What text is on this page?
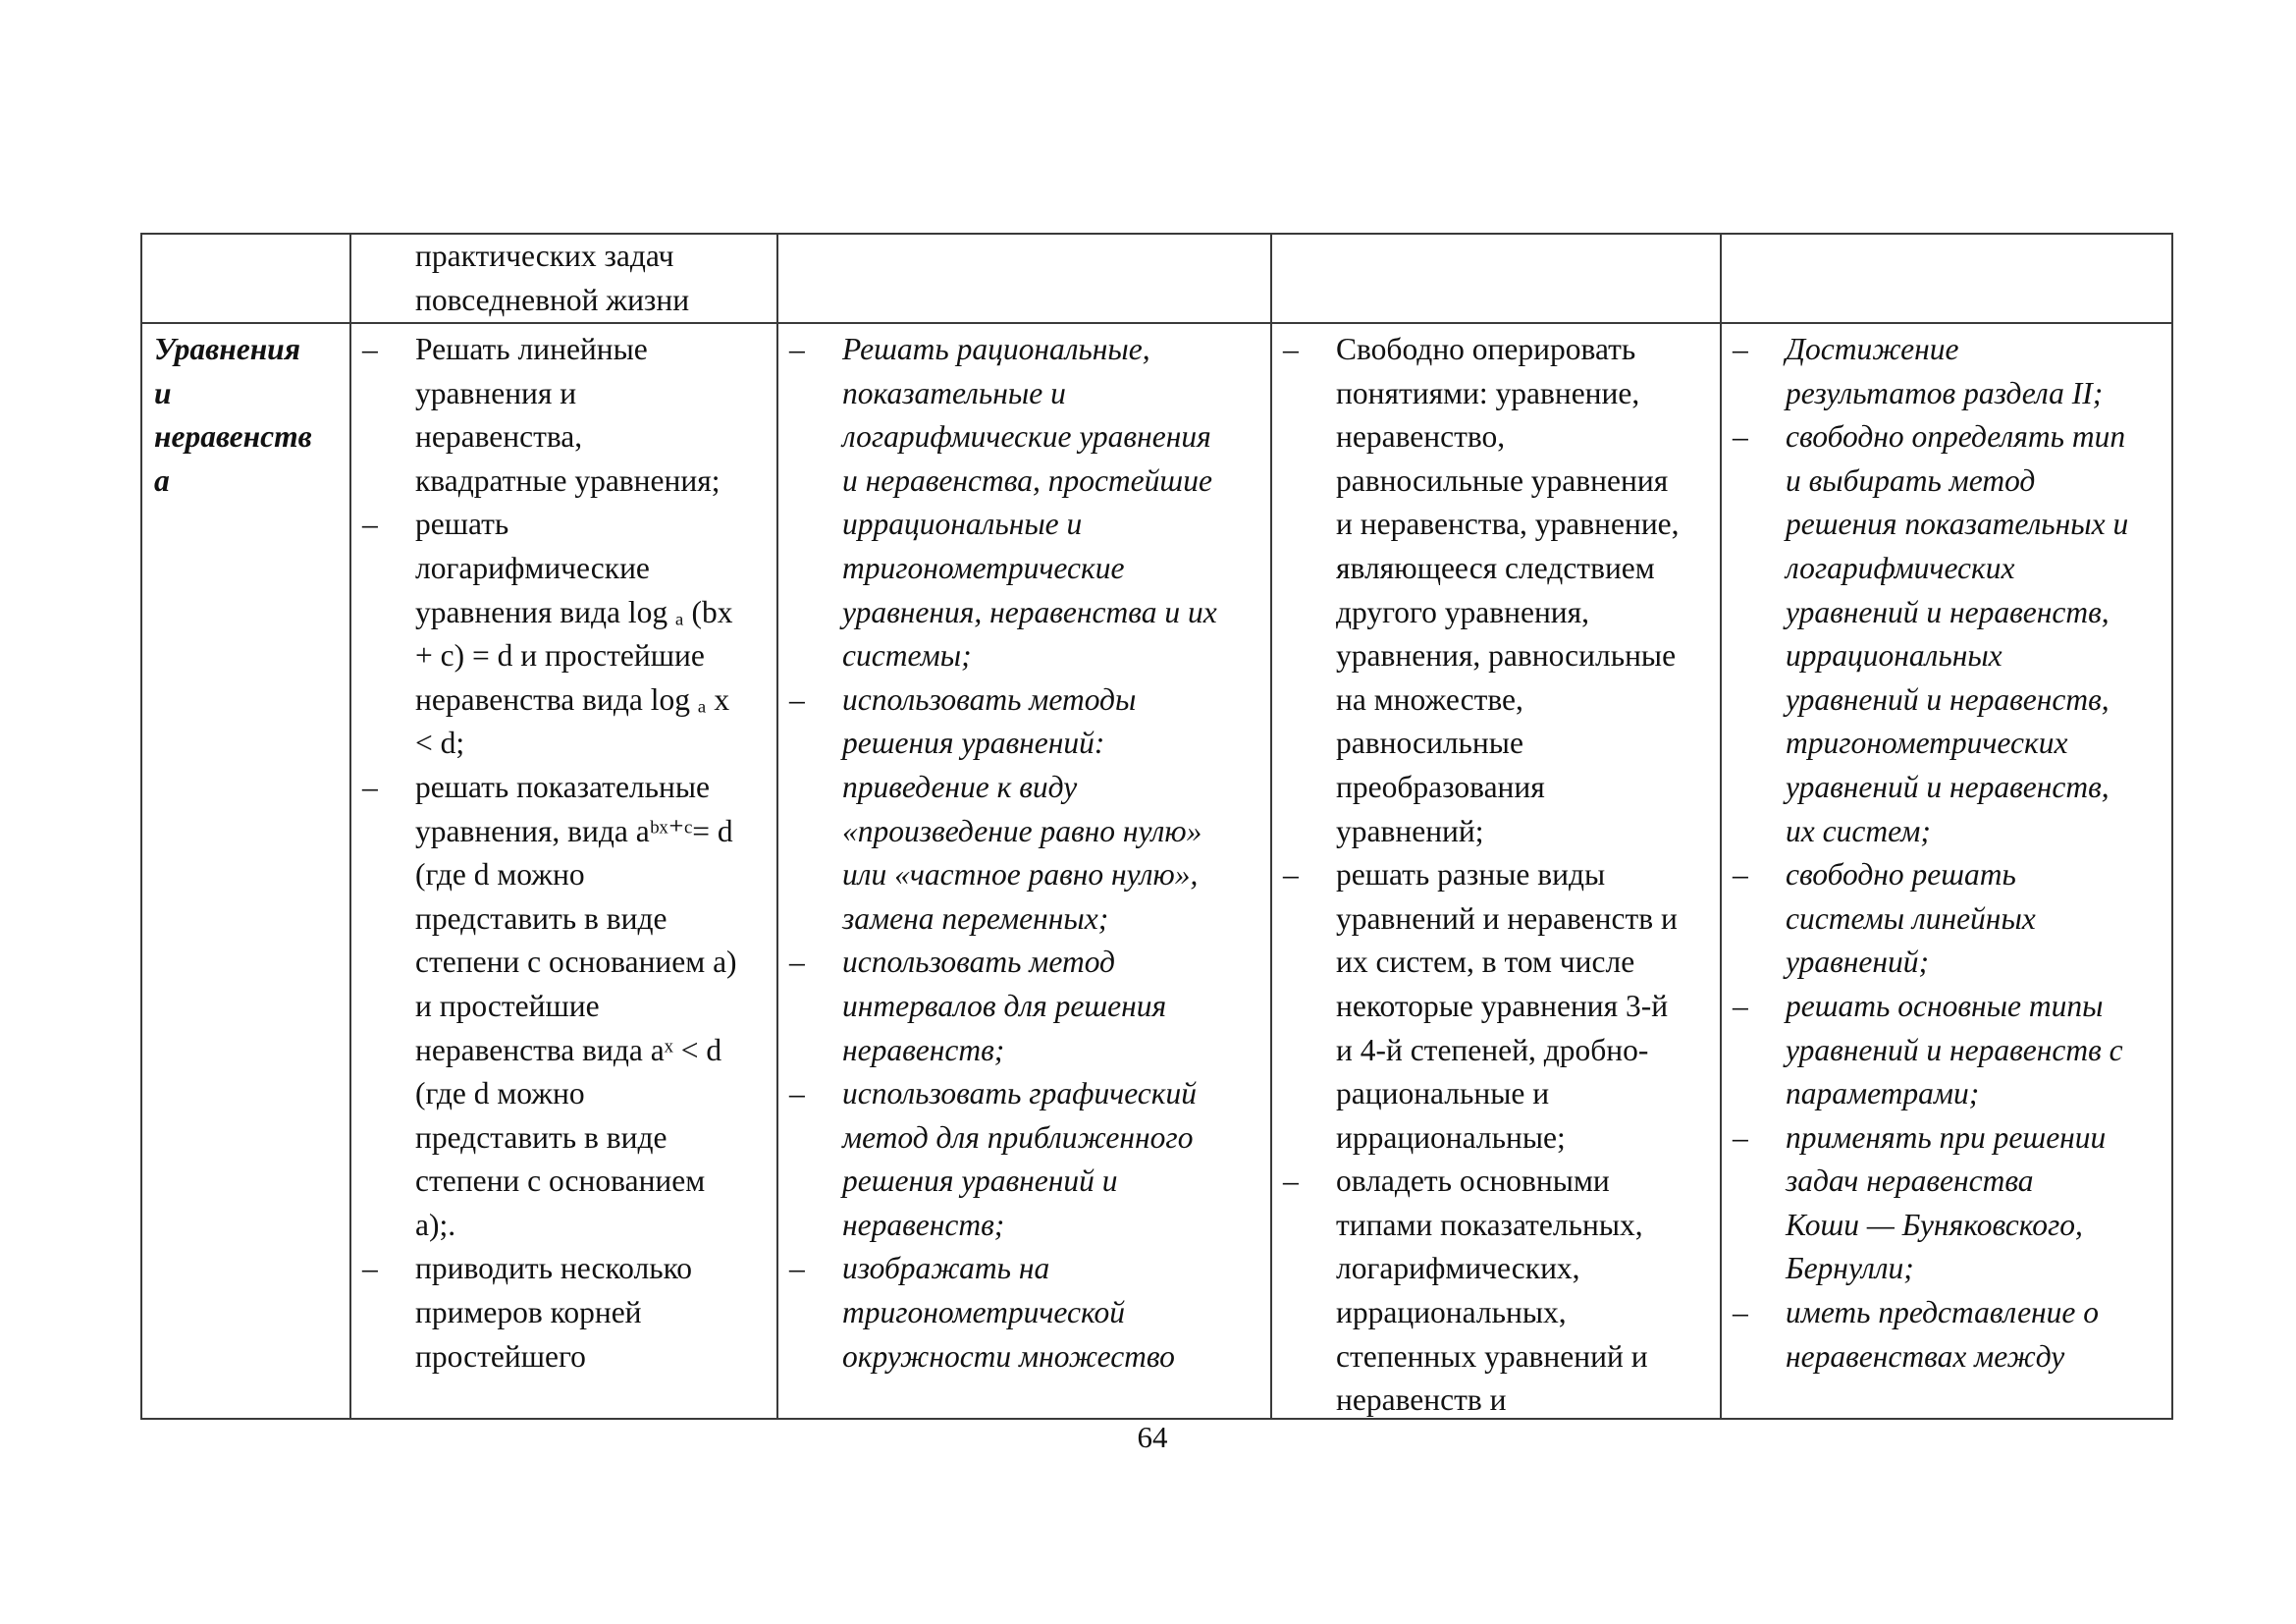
практических задач
повседневной жизни
Уравнения
и
неравенств
а
– Решать линейные
уравнения и
неравенства,
квадратные уравнения;
– решать
логарифмические
уравнения вида log ₐ (bx
+ c) = d и простейшие
неравенства вида log ₐ x
< d;
– решать показательные
уравнения, вида aᵇˣ⁺ᶜ= d
(где d можно
представить в виде
степени с основанием a)
и простейшие
неравенства вида aˣ < d
(где d можно
представить в виде
степени с основанием
a);.
– приводить несколько
примеров корней
простейшего
– Решать рациональные,
показательные и
логарифмические уравнения
и неравенства, простейшие
иррациональные и
тригонометрические
уравнения, неравенства и их
системы;
– использовать методы
решения уравнений:
приведение к виду
«произведение равно нулю»
или «частное равно нулю»,
замена переменных;
– использовать метод
интервалов для решения
неравенств;
– использовать графический
метод для приближенного
решения уравнений и
неравенств;
– изображать на
тригонометрической
окружности множество
– Свободно оперировать
понятиями: уравнение,
неравенство,
равносильные уравнения
и неравенства, уравнение,
являющееся следствием
другого уравнения,
уравнения, равносильные
на множестве,
равносильные
преобразования
уравнений;
– решать разные виды
уравнений и неравенств и
их систем, в том числе
некоторые уравнения 3-й
и 4-й степеней, дробно-
рациональные и
иррациональные;
– овладеть основными
типами показательных,
логарифмических,
иррациональных,
степенных уравнений и
неравенств и
– Достижение
результатов раздела II;
– свободно определять тип
и выбирать метод
решения показательных и
логарифмических
уравнений и неравенств,
иррациональных
уравнений и неравенств,
тригонометрических
уравнений и неравенств,
их систем;
– свободно решать
системы линейных
уравнений;
– решать основные типы
уравнений и неравенств с
параметрами;
– применять при решении
задач неравенства
Коши — Буняковского,
Бернулли;
– иметь представление о
неравенствах между
64
